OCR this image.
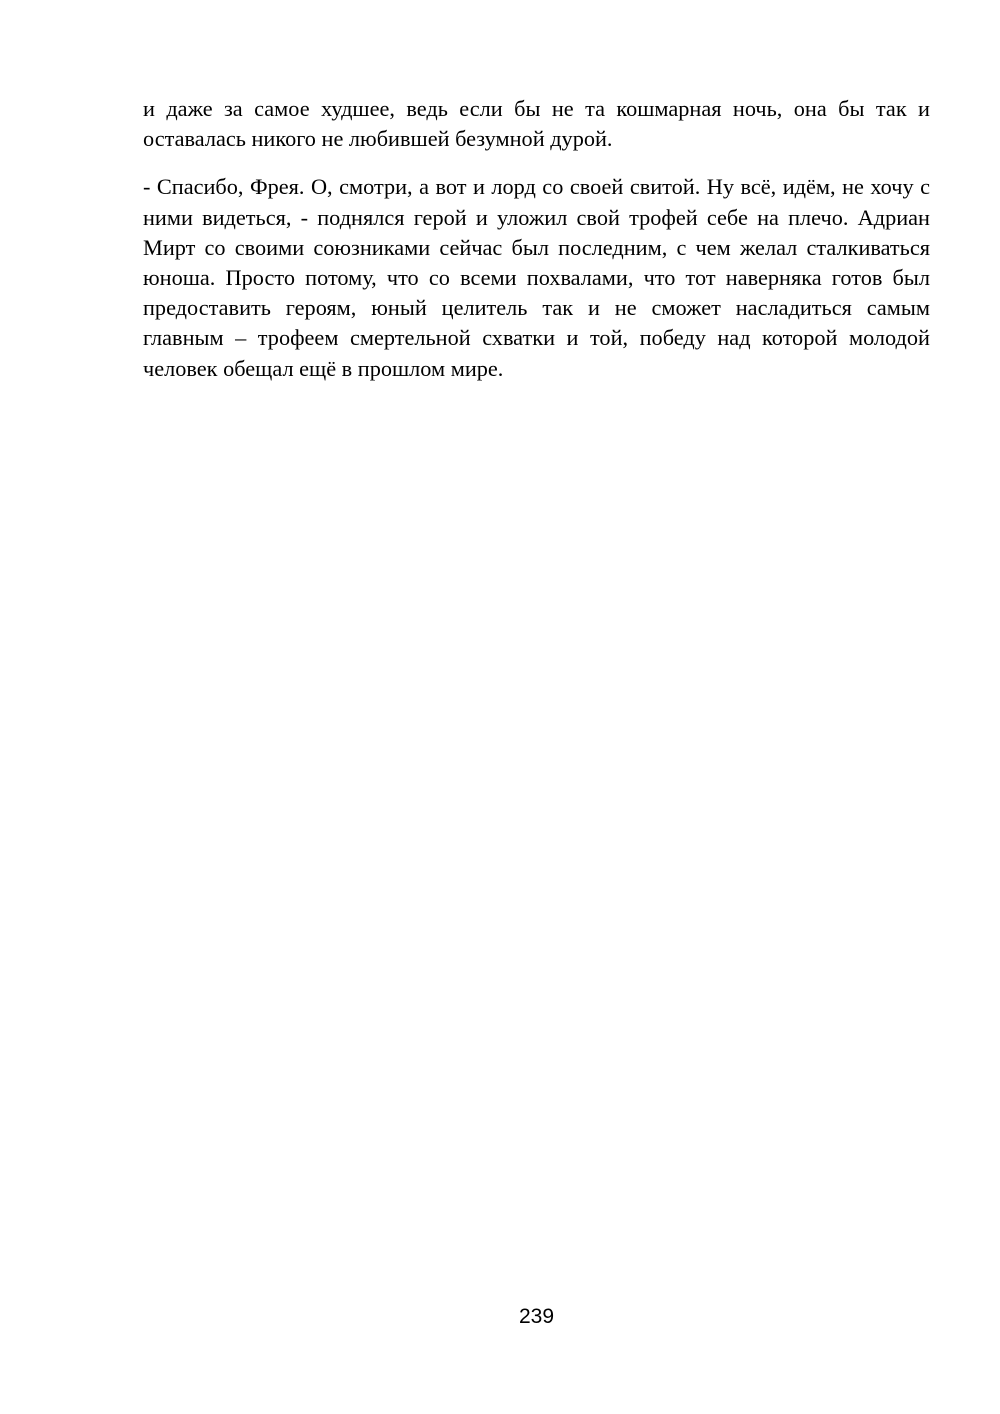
и даже за самое худшее, ведь если бы не та кошмарная ночь, она бы так и оставалась никого не любившей безумной дурой.

- Спасибо, Фрея. О, смотри, а вот и лорд со своей свитой. Ну всё, идём, не хочу с ними видеться, - поднялся герой и уложил свой трофей себе на плечо. Адриан Мирт со своими союзниками сейчас был последним, с чем желал сталкиваться юноша. Просто потому, что со всеми похвалами, что тот наверняка готов был предоставить героям, юный целитель так и не сможет насладиться самым главным – трофеем смертельной схватки и той, победу над которой молодой человек обещал ещё в прошлом мире.

239
